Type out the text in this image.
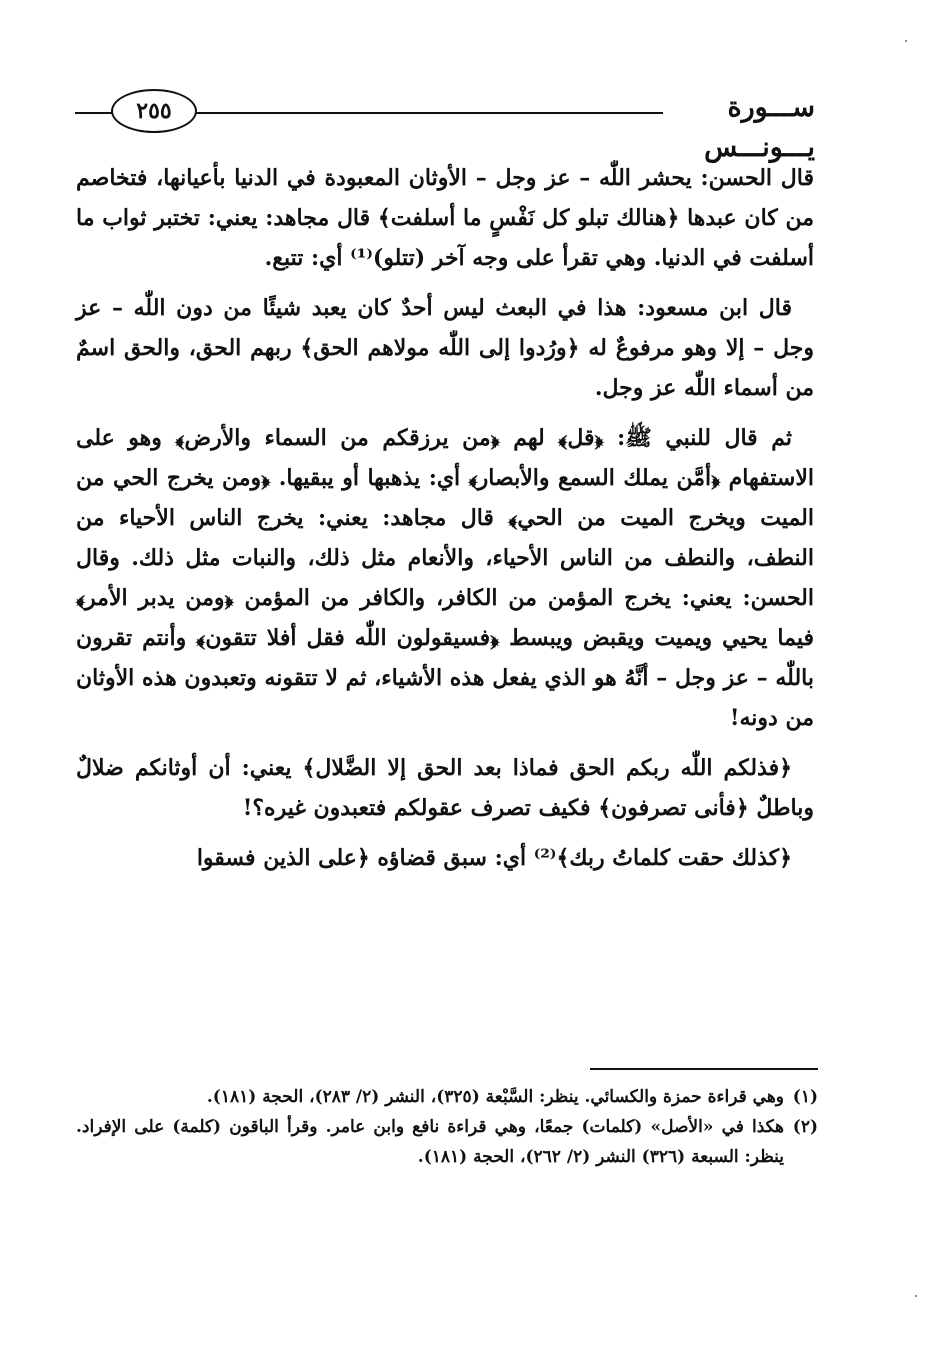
٢٥٥	ســـورة يـــونـــس

قال الحسن: يحشر اللّٰه – عز وجل – الأوثان المعبودة في الدنيا بأعيانها، فتخاصم من كان عبدها ﴿هنالك تبلو كل نَفْسٍ ما أسلفت﴾ قال مجاهد: يعني: تختبر ثواب ما أسلفت في الدنيا. وهي تقرأ على وجه آخر (تتلو)⁽¹⁾ أي: تتبع.

قال ابن مسعود: هذا في البعث ليس أحدٌ كان يعبد شيئًا من دون اللّٰه – عز وجل – إلا وهو مرفوعٌ له ﴿ورُدوا إلى اللّٰه مولاهم الحق﴾ ربهم الحق، والحق اسمٌ من أسماء اللّٰه عز وجل.

ثم قال للنبي ﷺ: ﴿قل﴾ لهم ﴿من يرزقكم من السماء والأرض﴾ وهو على الاستفهام ﴿أمَّن يملك السمع والأبصار﴾ أي: يذهبها أو يبقيها. ﴿ومن يخرج الحي من الميت ويخرج الميت من الحي﴾ قال مجاهد: يعني: يخرج الناس الأحياء من النطف، والنطف من الناس الأحياء، والأنعام مثل ذلك، والنبات مثل ذلك. وقال الحسن: يعني: يخرج المؤمن من الكافر، والكافر من المؤمن ﴿ومن يدبر الأمر﴾ فيما يحيي ويميت ويقبض ويبسط ﴿فسيقولون اللّٰه فقل أفلا تتقون﴾ وأنتم تقرون باللّٰه – عز وجل – أنَّهُ هو الذي يفعل هذه الأشياء، ثم لا تتقونه وتعبدون هذه الأوثان من دونه!

﴿فذلكم اللّٰه ربكم الحق فماذا بعد الحق إلا الضَّلال﴾ يعني: أن أوثانكم ضلالٌ وباطلٌ ﴿فأنى تصرفون﴾ فكيف تصرف عقولكم فتعبدون غيره؟!

﴿كذلك حقت كلماتُ ربك﴾⁽²⁾ أي: سبق قضاؤه ﴿على الذين فسقوا

(١)
وهي قراءة حمزة والكسائي. ينظر: السَّبْعة (٣٢٥)، النشر (٢/ ٢٨٣)، الحجة (١٨١).

(٢)
هكذا في «الأصل» (كلمات) جمعًا، وهي قراءة نافع وابن عامر. وقرأ الباقون (كلمة) على الإفراد. ينظر: السبعة (٣٢٦) النشر (٢/ ٢٦٢)، الحجة (١٨١).
